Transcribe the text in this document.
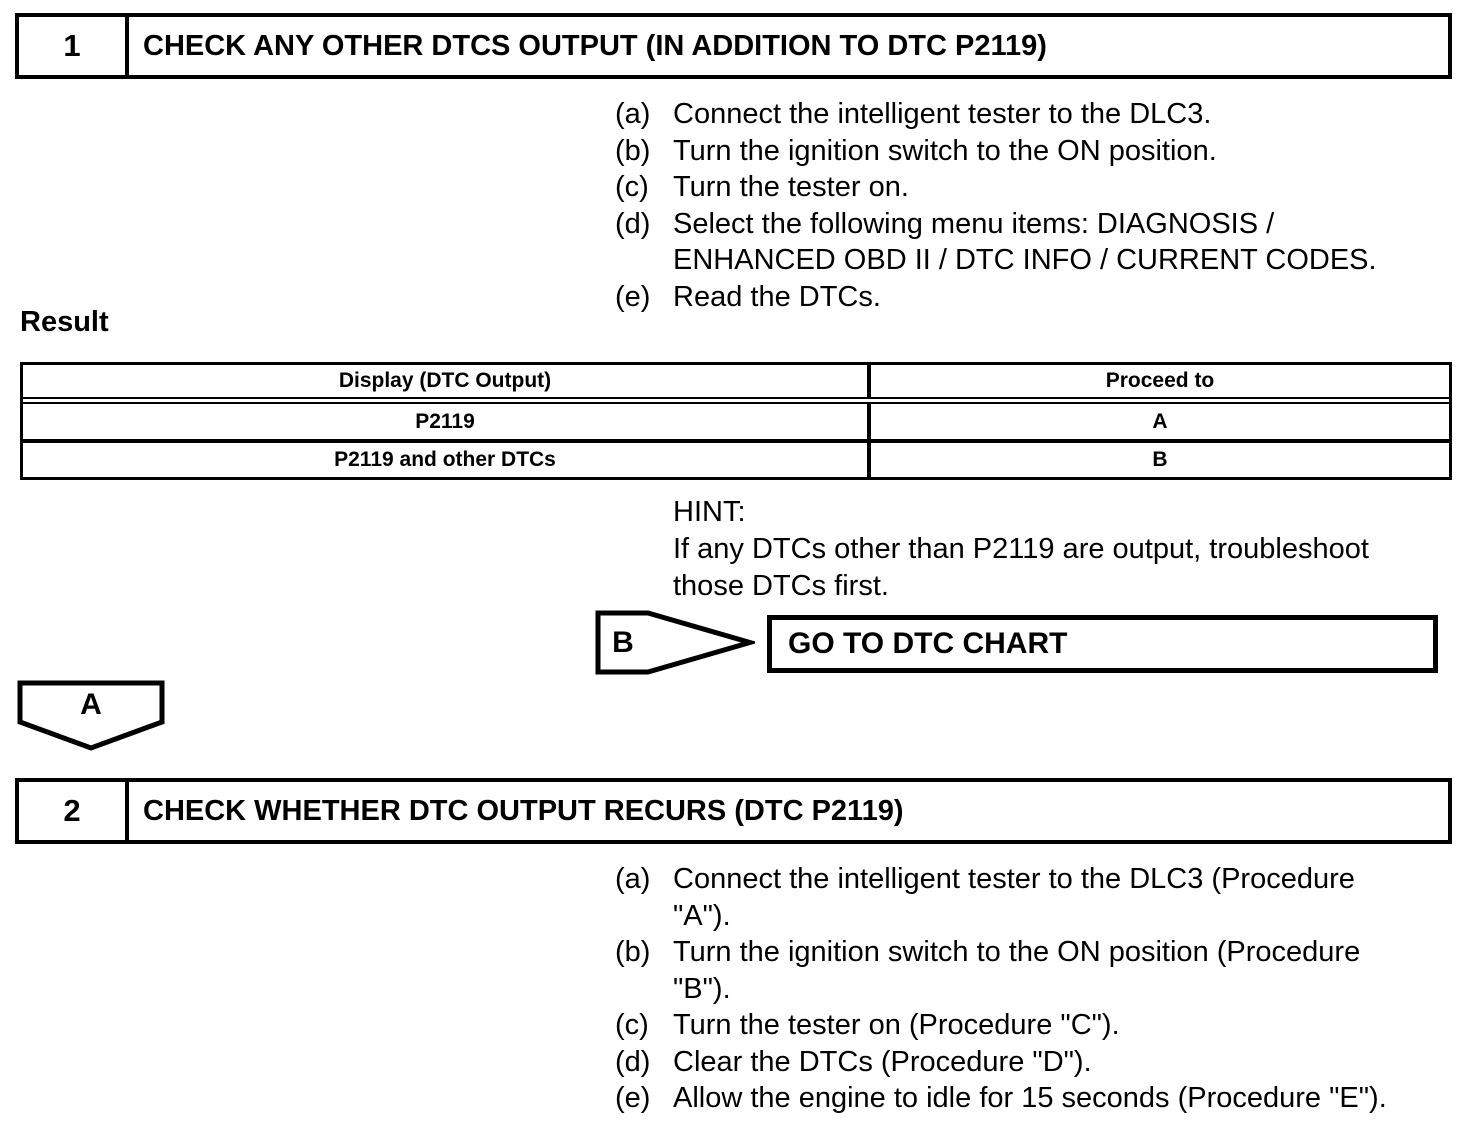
1	CHECK ANY OTHER DTCS OUTPUT (IN ADDITION TO DTC P2119)
(a) Connect the intelligent tester to the DLC3.
(b) Turn the ignition switch to the ON position.
(c) Turn the tester on.
(d) Select the following menu items: DIAGNOSIS /
ENHANCED OBD II / DTC INFO / CURRENT CODES.
(e) Read the DTCs.
Result
Display (DTC Output)	Proceed to
P2119	A
P2119 and other DTCs	B
HINT:
If any DTCs other than P2119 are output, troubleshoot
those DTCs first.
B	GO TO DTC CHART
A
2	CHECK WHETHER DTC OUTPUT RECURS (DTC P2119)
(a) Connect the intelligent tester to the DLC3 (Procedure
"A").
(b) Turn the ignition switch to the ON position (Procedure
"B").
(c) Turn the tester on (Procedure "C").
(d) Clear the DTCs (Procedure "D").
(e) Allow the engine to idle for 15 seconds (Procedure "E").
